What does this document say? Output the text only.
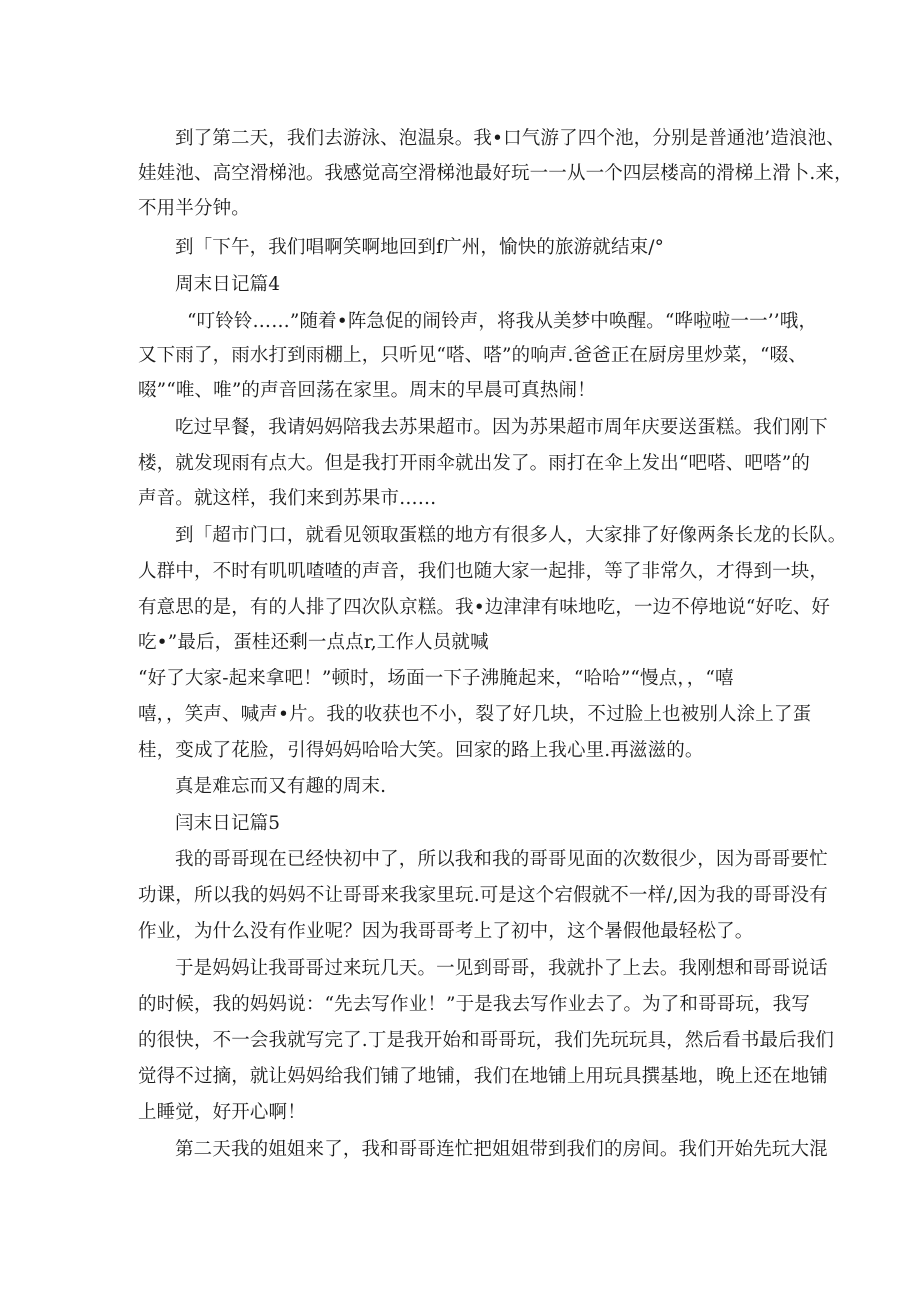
到了第二天，我们去游泳、泡温泉。我•口气游了四个池，分别是普通池’造浪池、
娃娃池、高空滑梯池。我感觉高空滑梯池最好玩一一从一个四层楼高的滑梯上滑卜.来，
不用半分钟。
到「下午，我们唱啊笑啊地回到f广州，愉快的旅游就结束/°
周末日记篇4
“叮铃铃……”随着•阵急促的闹铃声，将我从美梦中唤醒。“哗啦啦一一’’哦，
又下雨了，雨水打到雨棚上，只听见“嗒、嗒”的响声.爸爸正在厨房里炒菜，“啜、
啜”“唯、唯”的声音回荡在家里。周末的早晨可真热闹！
吃过早餐，我请妈妈陪我去苏果超市。因为苏果超市周年庆要送蛋糕。我们刚下
楼，就发现雨有点大。但是我打开雨伞就出发了。雨打在伞上发出“吧嗒、吧嗒”的
声音。就这样，我们来到苏果市……
到「超市门口，就看见领取蛋糕的地方有很多人，大家排了好像两条长龙的长队。
人群中，不时有叽叽喳喳的声音，我们也随大家一起排，等了非常久，才得到一块，
有意思的是，有的人排了四次队京糕。我•边津津有味地吃，一边不停地说“好吃、好
吃•”最后，蛋桂还剩一点点r,工作人员就喊
“好了大家-起来拿吧！”顿时，场面一下子沸腌起来，“哈哈”“慢点，，“嘻
嘻，，笑声、喊声•片。我的收获也不小，裂了好几块，不过脸上也被别人涂上了蛋
桂，变成了花脸，引得妈妈哈哈大笑。回家的路上我心里.再滋滋的。
真是难忘而又有趣的周末.
闫末日记篇5
我的哥哥现在已经快初中了，所以我和我的哥哥见面的次数很少，因为哥哥要忙
功课，所以我的妈妈不让哥哥来我家里玩.可是这个宕假就不一样/,因为我的哥哥没有
作业，为什么没有作业呢？因为我哥哥考上了初中，这个暑假他最轻松了。
于是妈妈让我哥哥过来玩几天。一见到哥哥，我就扑了上去。我刚想和哥哥说话
的时候，我的妈妈说：“先去写作业！”于是我去写作业去了。为了和哥哥玩，我写
的很快，不一会我就写完了.丁是我开始和哥哥玩，我们先玩玩具，然后看书最后我们
觉得不过摘，就让妈妈给我们铺了地铺，我们在地铺上用玩具撰基地，晚上还在地铺
上睡觉，好开心啊！
第二天我的姐姐来了，我和哥哥连忙把姐姐带到我们的房间。我们开始先玩大混
